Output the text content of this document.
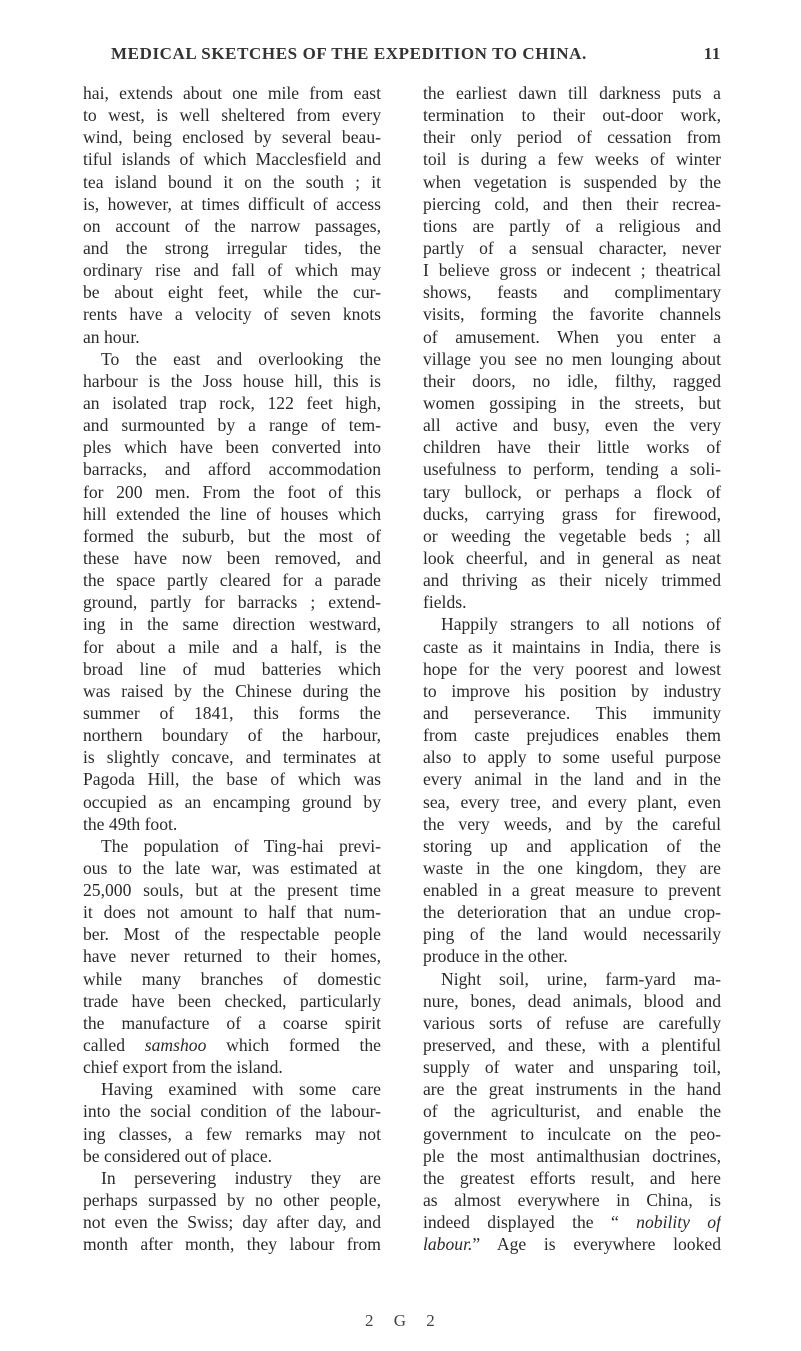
MEDICAL SKETCHES OF THE EXPEDITION TO CHINA.	11
hai, extends about one mile from east
to west, is well sheltered from every
wind, being enclosed by several beau-
tiful islands of which Macclesfield and
tea island bound it on the south ; it
is, however, at times difficult of access
on account of the narrow passages,
and the strong irregular tides, the
ordinary rise and fall of which may
be about eight feet, while the cur-
rents have a velocity of seven knots
an hour.
To the east and overlooking the
harbour is the Joss house hill, this is
an isolated trap rock, 122 feet high,
and surmounted by a range of tem-
ples which have been converted into
barracks, and afford accommodation
for 200 men. From the foot of this
hill extended the line of houses which
formed the suburb, but the most of
these have now been removed, and
the space partly cleared for a parade
ground, partly for barracks ; extend-
ing in the same direction westward,
for about a mile and a half, is the
broad line of mud batteries which
was raised by the Chinese during the
summer of 1841, this forms the
northern boundary of the harbour,
is slightly concave, and terminates at
Pagoda Hill, the base of which was
occupied as an encamping ground by
the 49th foot.
The population of Ting-hai previ-
ous to the late war, was estimated at
25,000 souls, but at the present time
it does not amount to half that num-
ber. Most of the respectable people
have never returned to their homes,
while many branches of domestic
trade have been checked, particularly
the manufacture of a coarse spirit
called samshoo which formed the
chief export from the island.
Having examined with some care
into the social condition of the labour-
ing classes, a few remarks may not
be considered out of place.
In persevering industry they are
perhaps surpassed by no other people,
not even the Swiss; day after day, and
month after month, they labour from
the earliest dawn till darkness puts a
termination to their out-door work,
their only period of cessation from
toil is during a few weeks of winter
when vegetation is suspended by the
piercing cold, and then their recrea-
tions are partly of a religious and
partly of a sensual character, never
I believe gross or indecent ; theatrical
shows, feasts and complimentary
visits, forming the favorite channels
of amusement. When you enter a
village you see no men lounging about
their doors, no idle, filthy, ragged
women gossiping in the streets, but
all active and busy, even the very
children have their little works of
usefulness to perform, tending a soli-
tary bullock, or perhaps a flock of
ducks, carrying grass for firewood,
or weeding the vegetable beds ; all
look cheerful, and in general as neat
and thriving as their nicely trimmed
fields.
Happily strangers to all notions of
caste as it maintains in India, there is
hope for the very poorest and lowest
to improve his position by industry
and perseverance. This immunity
from caste prejudices enables them
also to apply to some useful purpose
every animal in the land and in the
sea, every tree, and every plant, even
the very weeds, and by the careful
storing up and application of the
waste in the one kingdom, they are
enabled in a great measure to prevent
the deterioration that an undue crop-
ping of the land would necessarily
produce in the other.
Night soil, urine, farm-yard ma-
nure, bones, dead animals, blood and
various sorts of refuse are carefully
preserved, and these, with a plentiful
supply of water and unsparing toil,
are the great instruments in the hand
of the agriculturist, and enable the
government to inculcate on the peo-
ple the most antimalthusian doctrines,
the greatest efforts result, and here
as almost everywhere in China, is
indeed displayed the “ nobility of
labour.” Age is everywhere looked
2 G 2
